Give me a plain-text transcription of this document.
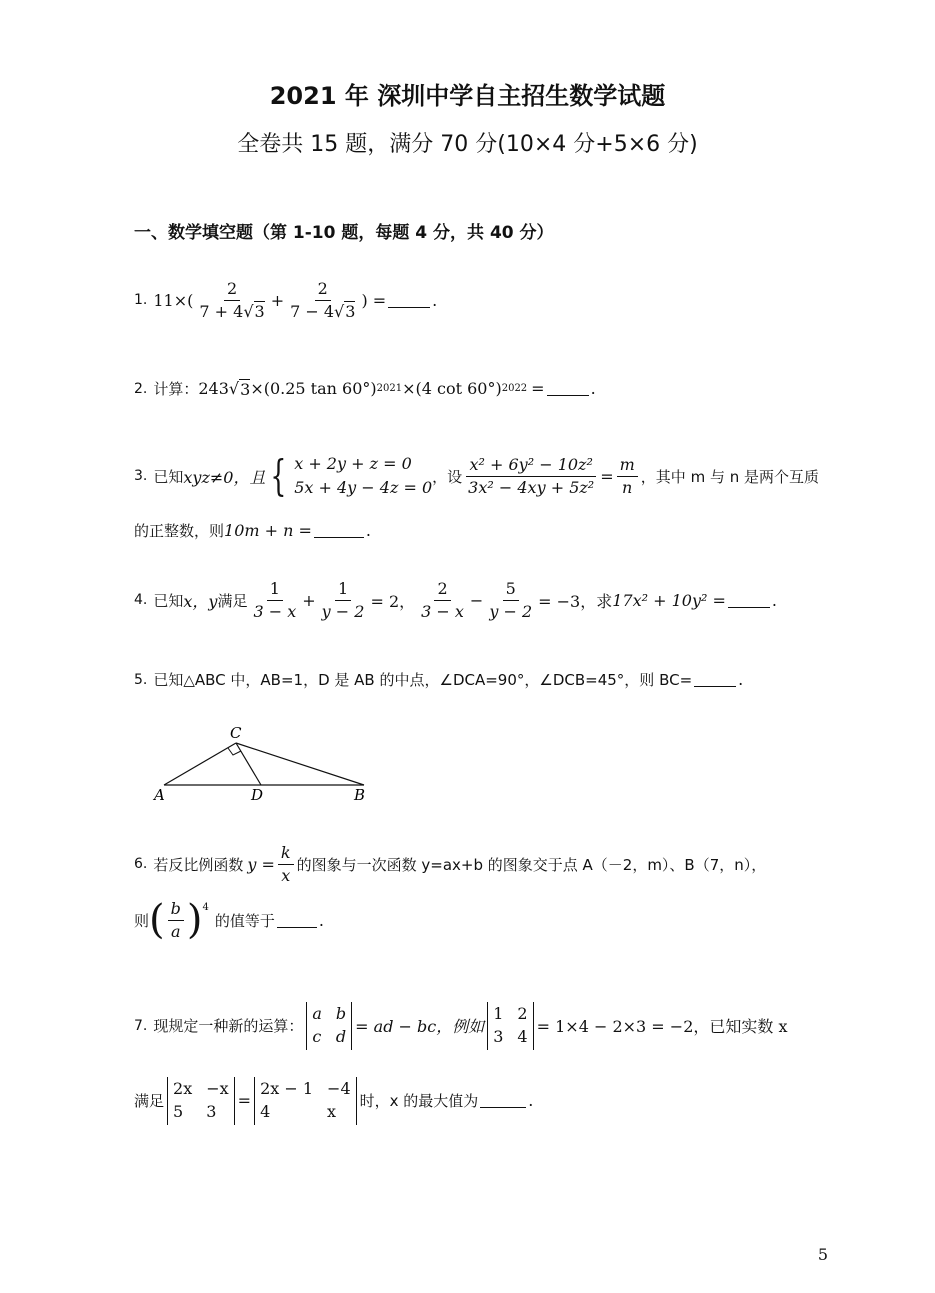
2021 年 深圳中学自主招生数学试题
全卷共 15 题，满分 70 分(10×4 分+5×6 分)
一、数学填空题（第 1-10 题，每题 4 分，共 40 分）
1. $11\times( \frac{2}{7 + 4√3} + \frac{2}{7 - 4√3}$ ) =	.
2. 计算： 243 √ 3 ×(0.25 tan 60°) 2021 ×(4 cot 60°) 2022 =	.
3. 已知 xyz≠0，且 { x + 2y + z = 0
5x + 4y − 4z = 0
，设 $\frac{\text{x² + 6y² − 10z²}}{\text{3x² − 4xy + 5z²}} = \frac{m}{n}$ ，其中 m 与 n 是两个互质
的正整数，则 10m + n =	.
4. 已知 x，y 满足 $\frac{1}{3 - x} + \frac{1}{y - 2} = 2$， $\frac{2}{3 - x} - \frac{5}{y - 2} = -3$，求 17x² + 10y² =	.
5. 已知△ABC 中，AB=1，D 是 AB 的中点，∠DCA=90°，∠DCB=45°，则 BC=	.
A	D	B
C
6. 若反比例函数 $y = \frac{k}{x}$ 的图象与一次函数 y=ax+b 的图象交于点 A（－2，m）、B（7，n），
则 ( $\frac{b}{a} )^4$
的值等于	.
7. 现规定一种新的运算：
a b
c d = ad − bc，例如
1 2
3 4 = 1×4 − 2×3 = −2，已知实数 x
满足
2x −x
5	3
=
2x − 1 −4
4	x
时，x 的最大值为	.
5
